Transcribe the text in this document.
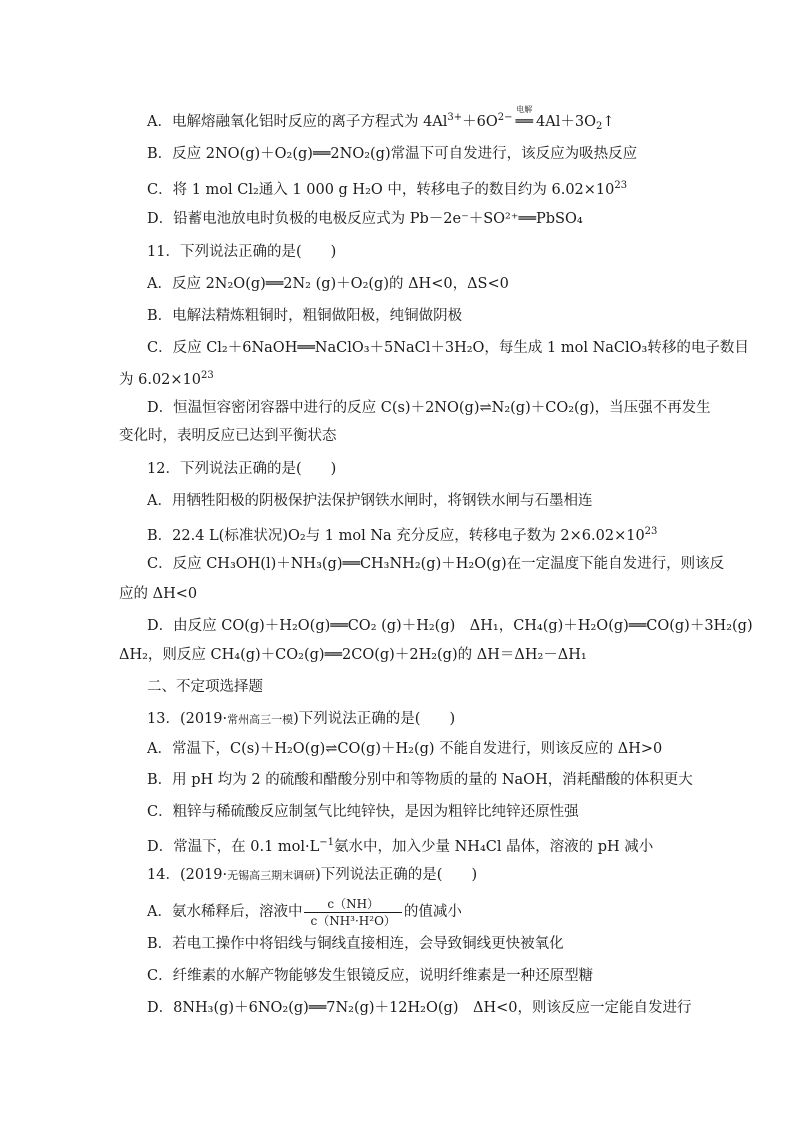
A．电解熔融氧化铝时反应的离子方程式为 $4Al^{3+}+6O^{2-}$
电解
══ $4Al+3O_2↑$
B．反应 2NO(g)＋O₂(g)══2NO₂(g)常温下可自发进行，该反应为吸热反应
C．将 1 mol Cl₂通入 1 000 g H₂O 中，转移电子的数目约为 $6.02\times 10^{23}$
D．铅蓄电池放电时负极的电极反应式为 Pb－2e⁻＋SO²⁺══PbSO₄
11．下列说法正确的是(　　)
A．反应 2N₂O(g)══2N₂ (g)＋O₂(g)的 ΔH<0，ΔS<0
B．电解法精炼粗铜时，粗铜做阳极，纯铜做阴极
C．反应 Cl₂＋6NaOH══NaClO₃＋5NaCl＋3H₂O，每生成 1 mol NaClO₃转移的电子数目
为 $6.02\times 10^{23}$
D．恒温恒容密闭容器中进行的反应 C(s)＋2NO(g)⇌N₂(g)＋CO₂(g)，当压强不再发生
变化时，表明反应已达到平衡状态
12．下列说法正确的是(　　)
A．用牺牲阳极的阴极保护法保护钢铁水闸时，将钢铁水闸与石墨相连
B．22.4 L(标准状况)O₂与 1 mol Na 充分反应，转移电子数为 $2\times 6.02\times 10^{23}$
C．反应 CH₃OH(l)＋NH₃(g)══CH₃NH₂(g)＋H₂O(g)在一定温度下能自发进行，则该反
应的 ΔH<0
D．由反应 CO(g)＋H₂O(g)══CO₂ (g)＋H₂(g)　ΔH₁，CH₄(g)＋H₂O(g)══CO(g)＋3H₂(g)
ΔH₂，则反应 CH₄(g)＋CO₂(g)══2CO(g)＋2H₂(g)的 ΔH＝ΔH₂－ΔH₁
二、不定项选择题
13．(2019·常州高三一模)下列说法正确的是(　　)
A．常温下，C(s)＋H₂O(g)⇌CO(g)＋H₂(g) 不能自发进行，则该反应的 ΔH>0
B．用 pH 均为 2 的硫酸和醋酸分别中和等物质的量的 NaOH，消耗醋酸的体积更大
C．粗锌与稀硫酸反应制氢气比纯锌快，是因为粗锌比纯锌还原性强
D．常温下，在 0.1 $mol\cdot L^{-1}$氨水中，加入少量 NH₄Cl 晶体，溶液的 pH 减小
14．(2019·无锡高三期末调研)下列说法正确的是(　　)
A．氨水稀释后，溶液中 $\frac{c(NH)}{\text{c（NH³·H²O）}}$ 的值减小
B．若电工操作中将铝线与铜线直接相连，会导致铜线更快被氧化
C．纤维素的水解产物能够发生银镜反应，说明纤维素是一种还原型糖
D．8NH₃(g)＋6NO₂(g)══7N₂(g)＋12H₂O(g)　ΔH<0，则该反应一定能自发进行
